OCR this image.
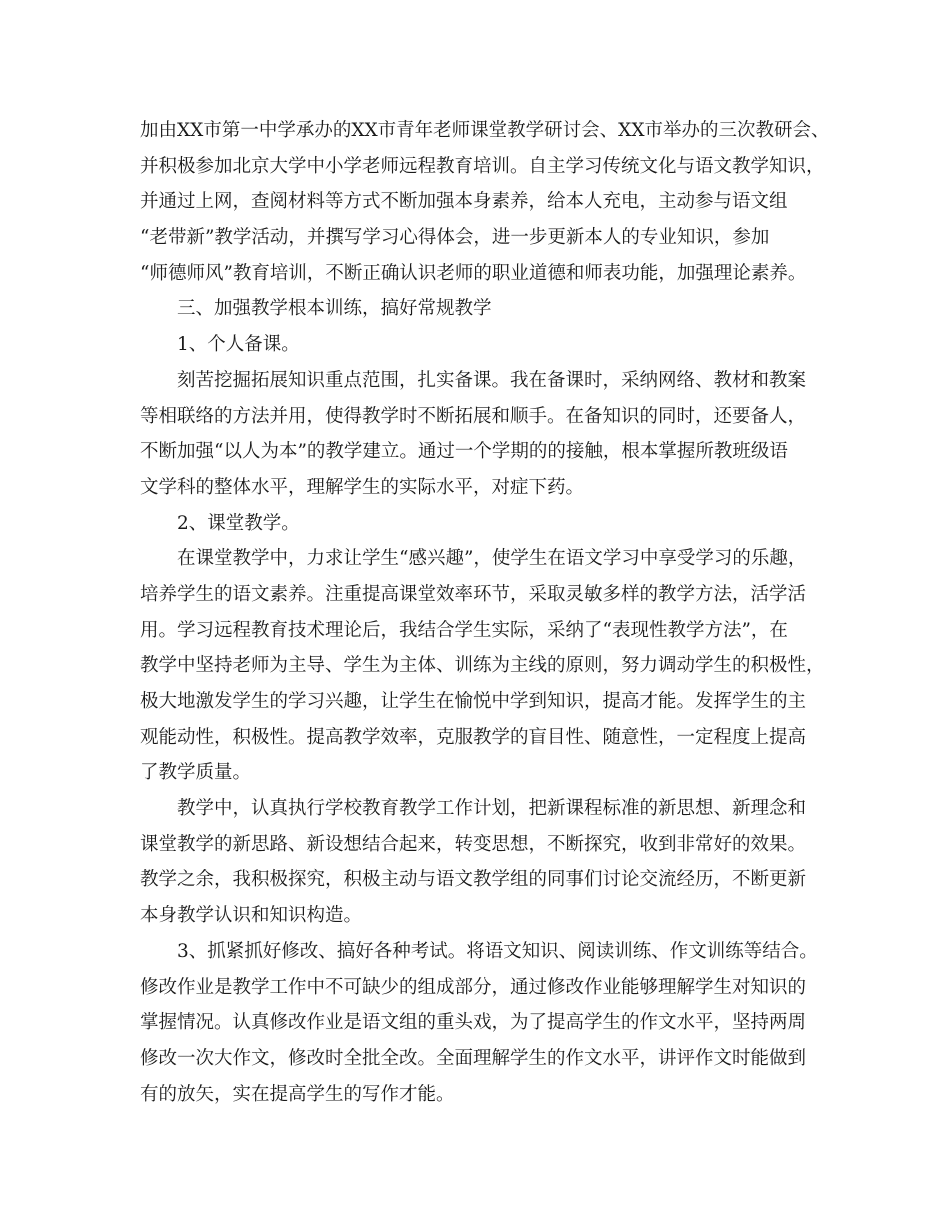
加由XX市第一中学承办的XX市青年老师课堂教学研讨会、XX市举办的三次教研会、
并积极参加北京大学中小学老师远程教育培训。自主学习传统文化与语文教学知识，
并通过上网，查阅材料等方式不断加强本身素养，给本人充电，主动参与语文组
“老带新”教学活动，并撰写学习心得体会，进一步更新本人的专业知识，参加
“师德师风”教育培训，不断正确认识老师的职业道德和师表功能，加强理论素养。
三、加强教学根本训练，搞好常规教学
1、个人备课。
刻苦挖掘拓展知识重点范围，扎实备课。我在备课时，采纳网络、教材和教案
等相联络的方法并用，使得教学时不断拓展和顺手。在备知识的同时，还要备人，
不断加强“以人为本”的教学建立。通过一个学期的的接触，根本掌握所教班级语
文学科的整体水平，理解学生的实际水平，对症下药。
2、课堂教学。
在课堂教学中，力求让学生“感兴趣”，使学生在语文学习中享受学习的乐趣，
培养学生的语文素养。注重提高课堂效率环节，采取灵敏多样的教学方法，活学活
用。学习远程教育技术理论后，我结合学生实际，采纳了“表现性教学方法”，在
教学中坚持老师为主导、学生为主体、训练为主线的原则，努力调动学生的积极性，
极大地激发学生的学习兴趣，让学生在愉悦中学到知识，提高才能。发挥学生的主
观能动性，积极性。提高教学效率，克服教学的盲目性、随意性，一定程度上提高
了教学质量。
教学中，认真执行学校教育教学工作计划，把新课程标准的新思想、新理念和
课堂教学的新思路、新设想结合起来，转变思想，不断探究，收到非常好的效果。
教学之余，我积极探究，积极主动与语文教学组的同事们讨论交流经历，不断更新
本身教学认识和知识构造。
3、抓紧抓好修改、搞好各种考试。将语文知识、阅读训练、作文训练等结合。
修改作业是教学工作中不可缺少的组成部分，通过修改作业能够理解学生对知识的
掌握情况。认真修改作业是语文组的重头戏，为了提高学生的作文水平，坚持两周
修改一次大作文，修改时全批全改。全面理解学生的作文水平，讲评作文时能做到
有的放矢，实在提高学生的写作才能。
